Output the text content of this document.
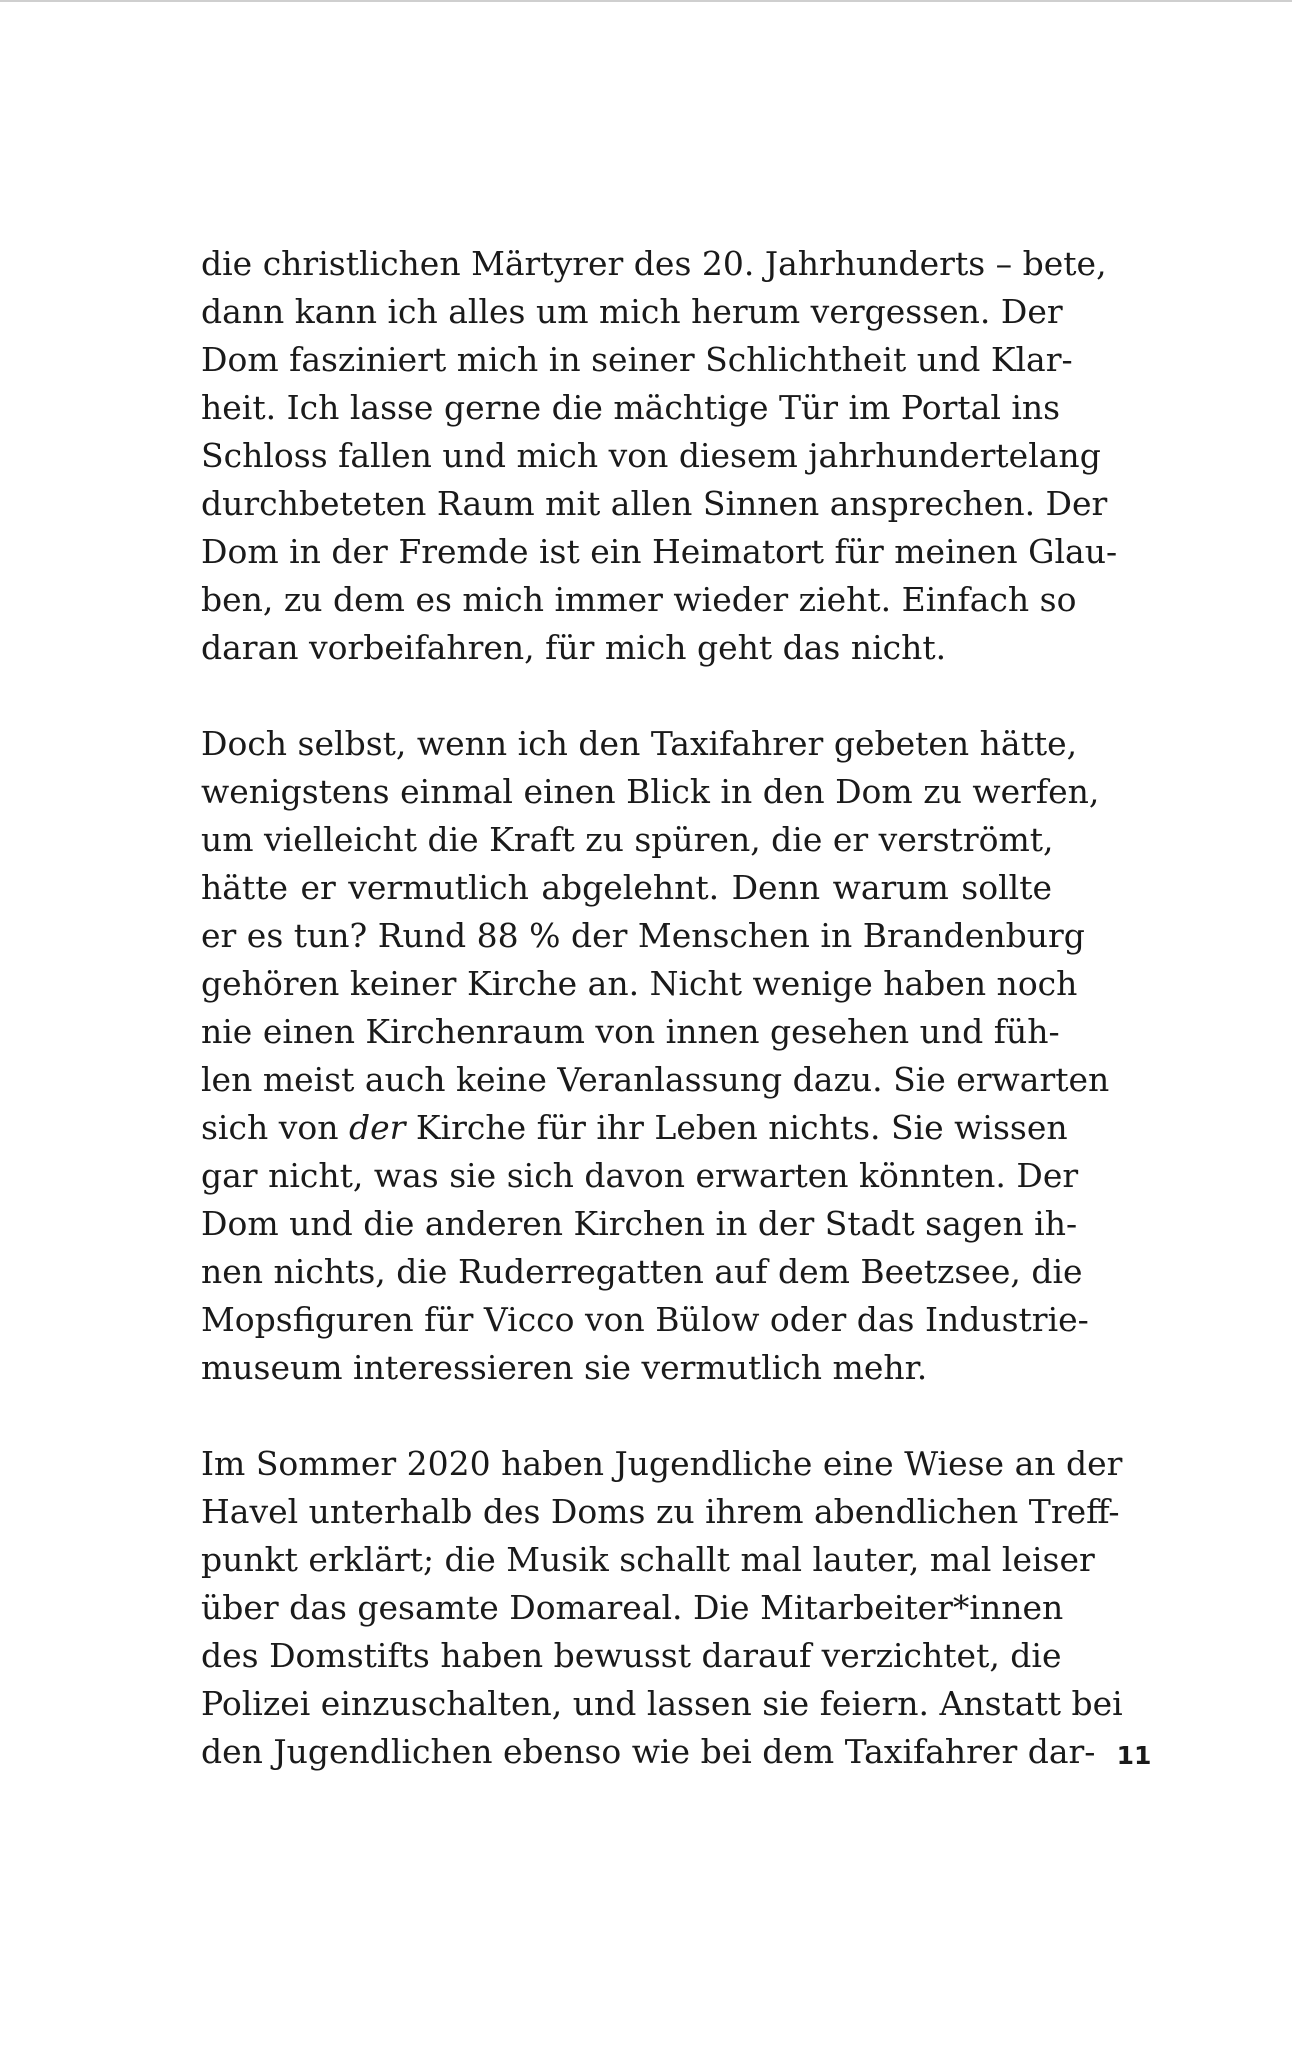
die christlichen Märtyrer des 20. Jahrhunderts – bete,
dann kann ich alles um mich herum vergessen. Der
Dom fasziniert mich in seiner Schlichtheit und Klar-
heit. Ich lasse gerne die mächtige Tür im Portal ins
Schloss fallen und mich von diesem jahrhundertelang
durchbeteten Raum mit allen Sinnen ansprechen. Der
Dom in der Fremde ist ein Heimatort für meinen Glau-
ben, zu dem es mich immer wieder zieht. Einfach so
daran vorbeifahren, für mich geht das nicht.
Doch selbst, wenn ich den Taxifahrer gebeten hätte,
wenigstens einmal einen Blick in den Dom zu werfen,
um vielleicht die Kraft zu spüren, die er verströmt,
hätte er vermutlich abgelehnt. Denn warum sollte
er es tun? Rund 88 % der Menschen in Brandenburg
gehören keiner Kirche an. Nicht wenige haben noch
nie einen Kirchenraum von innen gesehen und füh-
len meist auch keine Veranlassung dazu. Sie erwarten
sich von der Kirche für ihr Leben nichts. Sie wissen
gar nicht, was sie sich davon erwarten könnten. Der
Dom und die anderen Kirchen in der Stadt sagen ih-
nen nichts, die Ruderregatten auf dem Beetzsee, die
Mopsfiguren für Vicco von Bülow oder das Industrie-
museum interessieren sie vermutlich mehr.
Im Sommer 2020 haben Jugendliche eine Wiese an der
Havel unterhalb des Doms zu ihrem abendlichen Treff-
punkt erklärt; die Musik schallt mal lauter, mal leiser
über das gesamte Domareal. Die Mitarbeiter*innen
des Domstifts haben bewusst darauf verzichtet, die
Polizei einzuschalten, und lassen sie feiern. Anstatt bei
den Jugendlichen ebenso wie bei dem Taxifahrer dar- 11
